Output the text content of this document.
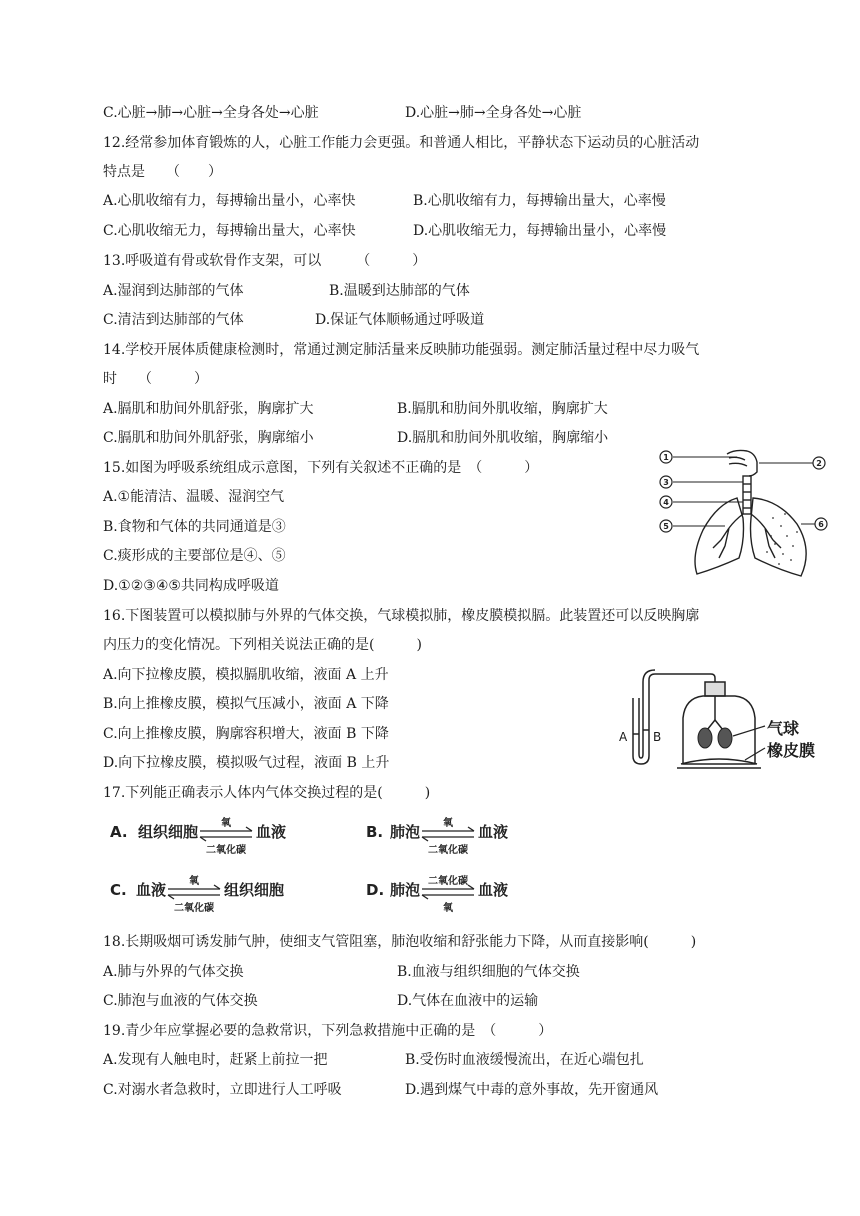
C.心脏→肺→心脏→全身各处→心脏	D.心脏→肺→全身各处→心脏
12.经常参加体育锻炼的人，心脏工作能力会更强。和普通人相比，平静状态下运动员的心脏活动
特点是　　（　　）
A.心肌收缩有力，每搏输出量小，心率快	B.心肌收缩有力，每搏输出量大，心率慢
C.心肌收缩无力，每搏输出量大，心率快	D.心肌收缩无力，每搏输出量小，心率慢
13.呼吸道有骨或软骨作支架，可以　　　（　　　）
A.湿润到达肺部的气体	B.温暖到达肺部的气体
C.清洁到达肺部的气体	D.保证气体顺畅通过呼吸道
14.学校开展体质健康检测时，常通过测定肺活量来反映肺功能强弱。测定肺活量过程中尽力吸气
时　　（　　　）
A.膈肌和肋间外肌舒张，胸廓扩大	B.膈肌和肋间外肌收缩，胸廓扩大
C.膈肌和肋间外肌舒张，胸廓缩小	D.膈肌和肋间外肌收缩，胸廓缩小
15.如图为呼吸系统组成示意图，下列有关叙述不正确的是　（　　　）
A.①能清洁、温暖、湿润空气
B.食物和气体的共同通道是③
C.痰形成的主要部位是④、⑤
D.①②③④⑤共同构成呼吸道
1
2
3
4
5	6
16.下图装置可以模拟肺与外界的气体交换，气球模拟肺，橡皮膜模拟膈。此装置还可以反映胸廓
内压力的变化情况。下列相关说法正确的是(　　　)
A.向下拉橡皮膜，模拟膈肌收缩，液面 A 上升
B.向上推橡皮膜，模拟气压减小，液面 A 下降
C.向上推橡皮膜，胸廓容积增大，液面 B 下降
D.向下拉橡皮膜，模拟吸气过程，液面 B 上升
A B	气球
橡皮膜
17.下列能正确表示人体内气体交换过程的是(　　　)
A. 组织细胞 氧
二氧化碳
血液	B. 肺泡 氧
二氧化碳
血液
C. 血液 氧
二氧化碳
组织细胞	D. 肺泡 二氧化碳
氧
血液
18.长期吸烟可诱发肺气肿，使细支气管阻塞，肺泡收缩和舒张能力下降，从而直接影响(　　　)
A.肺与外界的气体交换	B.血液与组织细胞的气体交换
C.肺泡与血液的气体交换	D.气体在血液中的运输
19.青少年应掌握必要的急救常识，下列急救措施中正确的是　（　　　）
A.发现有人触电时，赶紧上前拉一把	B.受伤时血液缓慢流出，在近心端包扎
C.对溺水者急救时，立即进行人工呼吸	D.遇到煤气中毒的意外事故，先开窗通风
